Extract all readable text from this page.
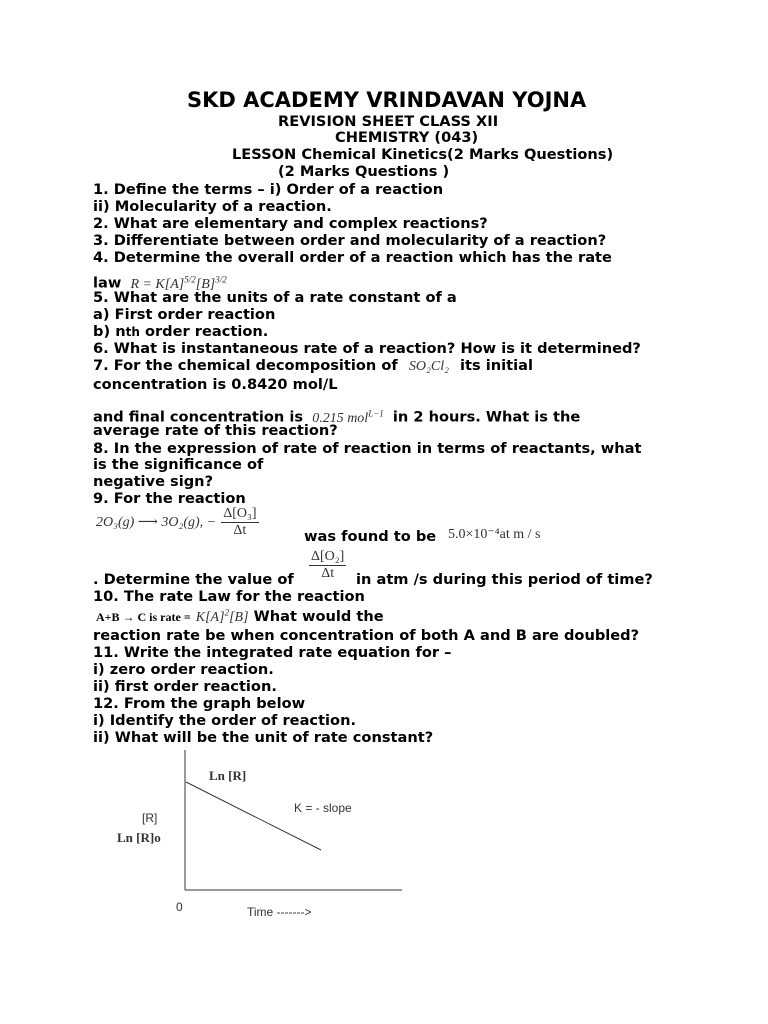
SKD ACADEMY VRINDAVAN YOJNA
REVISION SHEET CLASS XII
CHEMISTRY (043)
LESSON Chemical Kinetics(2 Marks Questions)
(2 Marks Questions )
1. Define the terms – i) Order of a reaction
ii) Molecularity of a reaction.
2. What are elementary and complex reactions?
3. Differentiate between order and molecularity of a reaction?
4. Determine the overall order of a reaction which has the rate
law $R = K[A]^{5/2}[B]^{3/2}$
5. What are the units of a rate constant of a
a) First order reaction
b) nth order reaction.
6. What is instantaneous rate of a reaction? How is it determined?
7. For the chemical decomposition of SO₂Cl₂ its initial
concentration is 0.8420 mol/L
and final concentration is 0.215 mol$^{L-1}$ in 2 hours. What is the
average rate of this reaction?
8. In the expression of rate of reaction in terms of reactants, what
is the significance of
negative sign?
9. For the reaction
2O₃(g) ⟶ 3O₂(g), − $\frac{\text{Δ[O₃]}}{\Delta t}$	was found to be 5.0×10⁻⁴at m / s
$\frac{\text{Δ[O₂]}}{\Delta t}$
. Determine the value of	in atm /s during this period of time?
10. The rate Law for the reaction
A+B → C is rate = $K[A]^2[B]$ What would the
reaction rate be when concentration of both A and B are doubled?
11. Write the integrated rate equation for –
i) zero order reaction.
ii) first order reaction.
12. From the graph below
i) Identify the order of reaction.
ii) What will be the unit of rate constant?
Ln [R]
K = - slope
[R]
Ln [R]o
0	Time ------->
